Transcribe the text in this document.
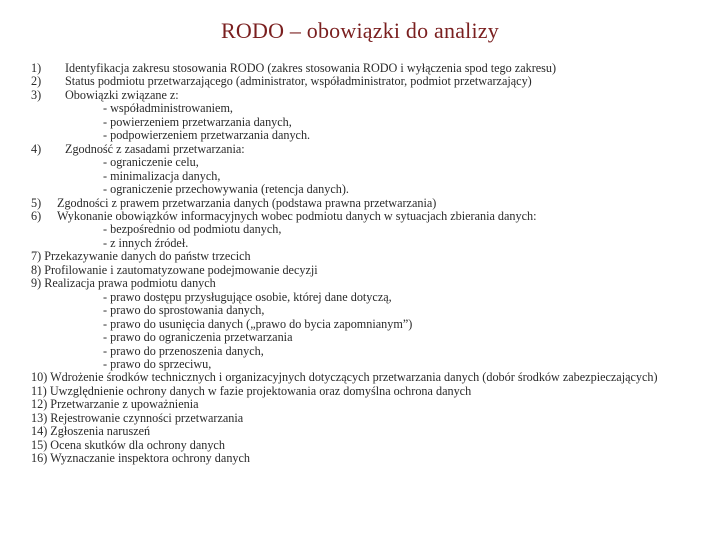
RODO – obowiązki do analizy
1) Identyfikacja zakresu stosowania RODO (zakres stosowania RODO i wyłączenia spod tego zakresu)
2) Status podmiotu przetwarzającego (administrator, współadministrator, podmiot przetwarzający)
3) Obowiązki związane z:
- współadministrowaniem,
- powierzeniem przetwarzania danych,
- podpowierzeniem przetwarzania danych.
4) Zgodność z zasadami przetwarzania:
- ograniczenie celu,
- minimalizacja danych,
- ograniczenie przechowywania (retencja danych).
5) Zgodności z prawem przetwarzania danych (podstawa prawna przetwarzania)
6) Wykonanie obowiązków informacyjnych wobec podmiotu danych w sytuacjach zbierania danych:
- bezpośrednio od podmiotu danych,
- z innych źródeł.
7) Przekazywanie danych do państw trzecich
8) Profilowanie i zautomatyzowane podejmowanie decyzji
9) Realizacja prawa podmiotu danych
- prawo dostępu przysługujące osobie, której dane dotyczą,
- prawo do sprostowania danych,
- prawo do usunięcia danych („prawo do bycia zapomnianym”)
- prawo do ograniczenia przetwarzania
- prawo do przenoszenia danych,
- prawo do sprzeciwu,
10) Wdrożenie środków technicznych i organizacyjnych dotyczących przetwarzania danych (dobór środków zabezpieczających)
11) Uwzględnienie ochrony danych w fazie projektowania oraz domyślna ochrona danych
12) Przetwarzanie z upoważnienia
13) Rejestrowanie czynności przetwarzania
14) Zgłoszenia naruszeń
15) Ocena skutków dla ochrony danych
16) Wyznaczanie inspektora ochrony danych
